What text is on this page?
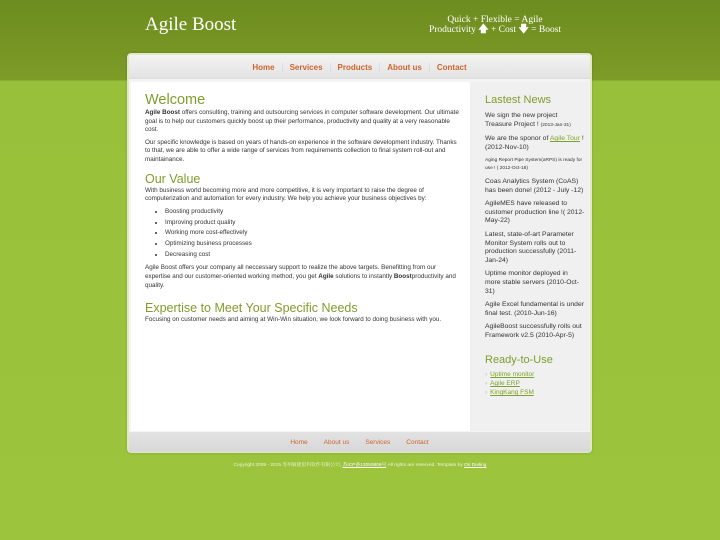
Agile Boost	Quick + Flexible = Agile
Productivity 🡅 + Cost 🡇 = Boost
Home	Services	Products	About us	Contact
Welcome

Agile Boost offers consulting, training and outsourcing services in computer software development. Our ultimate goal is to help our customers quickly boost up their performance, productivity and quality at a very reasonable cost.

Our specific knowledge is based on years of hands-on experience in the software development industry. Thanks to that, we are able to offer a wide range of services from requirements collection to final system roll-out and maintainance.

Our Value

With business world becoming more and more competitive, it is very important to raise the degree of computerization and automation for every industry. We help you achieve your business objectives by:

• Boosting productivity
• Improving product quality
• Working more cost-effectively
• Optimizing business processes
• Decreasing cost

Agile Boost offers your company all neccessary support to realize the above targets. Benefitting from our expertise and our customer-oriented working method, you get Agile solutions to instantly Boostproductivity and quality.

Expertise to Meet Your Specific Needs

Focusing on customer needs and aiming at Win-Win situation, we look forward to doing business with you.

Lastest News
We sign the new project Treasure Project ! (2013-Jan-31)
We are the sponor of Agile Tour !(2012-Nov-10)
Aging Report Pipe System(aRPS) is ready for use ! ( 2012-Oct-18)
Coas Analytics System (CoAS) has been done! (2012 - July -12)
AgileMES have released to customer production line !( 2012-May-22)
Latest, state-of-art Parameter Monitor System rolls out to production successfully (2011-Jan-24)
Uptime monitor deployed in more stable servers (2010-Oct-31)
Agile Excel fundamental is under final test. (2010-Jun-16)
AgileBoost successfully rolls out Framework v2.5 (2010-Apr-5)
Ready-to-Use
› Uptime monitor
› Agile ERP
› KingKang FSM
Home	About us	Services	Contact
Copyright 2009 - 2015 苏州敏捷思科软件有限公司, 苏ICP备13050806号 All rights are reserved. Template by Ori Dieling
